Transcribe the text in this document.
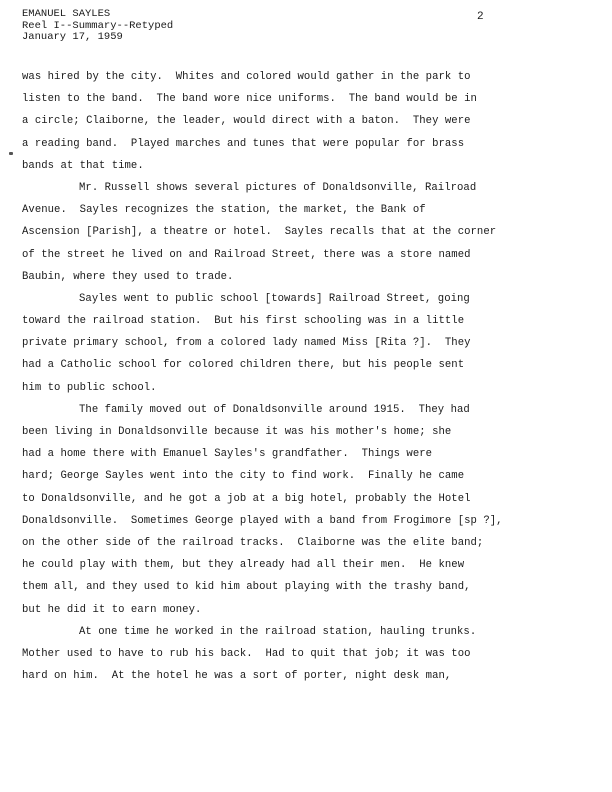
EMANUEL SAYLES
Reel I--Summary--Retyped
January 17, 1959
2
was hired by the city.  Whites and colored would gather in the park to
listen to the band.  The band wore nice uniforms.  The band would be in
a circle; Claiborne, the leader, would direct with a baton.  They were
a reading band.  Played marches and tunes that were popular for brass
bands at that time.
Mr. Russell shows several pictures of Donaldsonville, Railroad
Avenue.  Sayles recognizes the station, the market, the Bank of
Ascension [Parish], a theatre or hotel.  Sayles recalls that at the corner
of the street he lived on and Railroad Street, there was a store named
Baubin, where they used to trade.
Sayles went to public school [towards] Railroad Street, going
toward the railroad station.  But his first schooling was in a little
private primary school, from a colored lady named Miss [Rita ?].  They
had a Catholic school for colored children there, but his people sent
him to public school.
The family moved out of Donaldsonville around 1915.  They had
been living in Donaldsonville because it was his mother's home; she
had a home there with Emanuel Sayles's grandfather.  Things were
hard; George Sayles went into the city to find work.  Finally he came
to Donaldsonville, and he got a job at a big hotel, probably the Hotel
Donaldsonville.  Sometimes George played with a band from Frogimore [sp ?],
on the other side of the railroad tracks.  Claiborne was the elite band;
he could play with them, but they already had all their men.  He knew
them all, and they used to kid him about playing with the trashy band,
but he did it to earn money.
At one time he worked in the railroad station, hauling trunks.
Mother used to have to rub his back.  Had to quit that job; it was too
hard on him.  At the hotel he was a sort of porter, night desk man,
